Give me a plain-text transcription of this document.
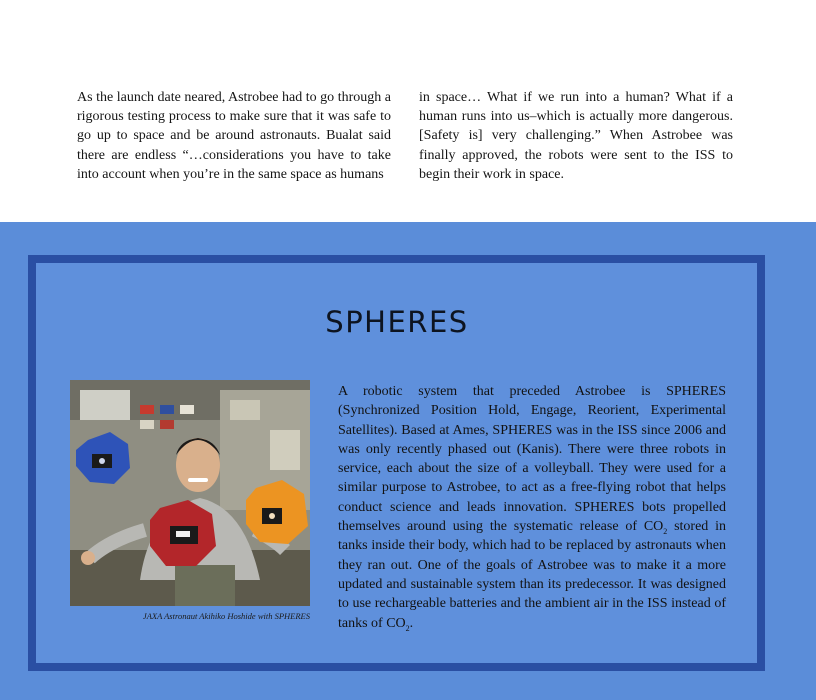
As the launch date neared, Astrobee had to go through a rigorous testing process to make sure that it was safe to go up to space and be around astronauts. Bualat said there are endless “…considerations you have to take into account when you’re in the same space as humans

in space… What if we run into a human? What if a human runs into us–which is actually more dangerous. [Safety is] very challenging.” When Astrobee was finally approved, the robots were sent to the ISS to begin their work in space.

SPHERES
JAXA Astronaut Akihiko Hoshide with SPHERES

A robotic system that preceded Astrobee is SPHERES (Synchronized Position Hold, Engage, Reorient, Experimental Satellites). Based at Ames, SPHERES was in the ISS since 2006 and was only recently phased out (Kanis). There were three robots in service, each about the size of a volleyball. They were used for a similar purpose to Astrobee, to act as a free-flying robot that helps conduct science and leads innovation. SPHERES bots propelled themselves around using the systematic release of $CO_2$ stored in tanks inside their body, which had to be replaced by astronauts when they ran out. One of the goals of Astrobee was to make it a more updated and sustainable system than its predecessor. It was designed to use rechargeable batteries and the ambient air in the ISS instead of tanks of $CO_2$.
